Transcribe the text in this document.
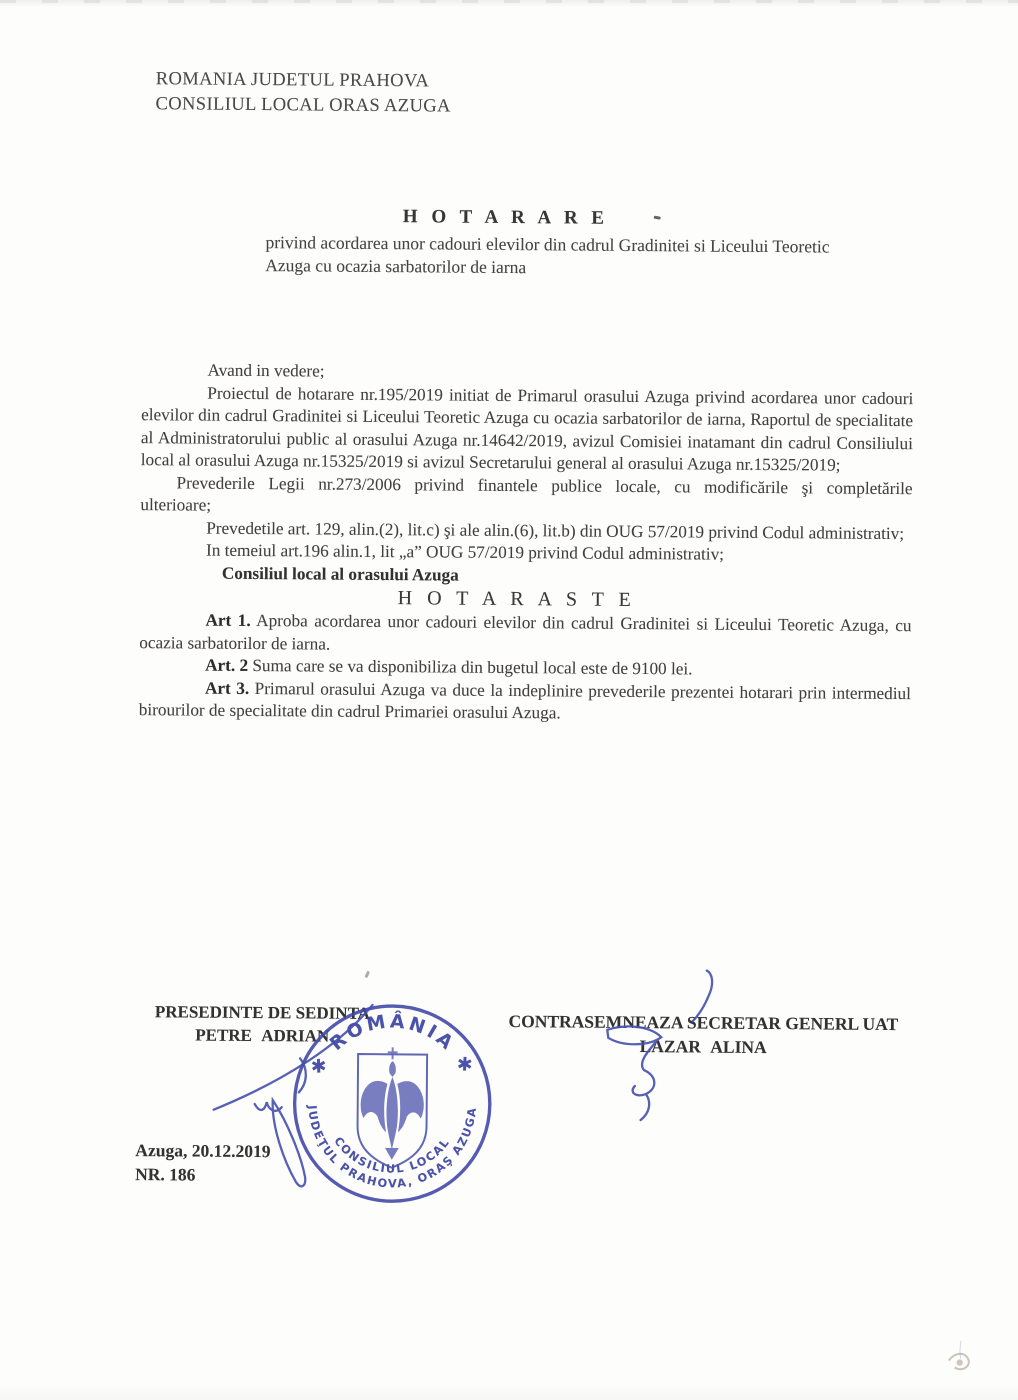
ROMANIA JUDETUL PRAHOVA
CONSILIUL LOCAL ORAS AZUGA

H O T A R A R E

privind acordarea unor cadouri elevilor din cadrul Gradinitei si Liceului Teoretic Azuga cu ocazia sarbatorilor de iarna

Avand in vedere;

Proiectul de hotarare nr.195/2019 initiat de Primarul orasului Azuga privind acordarea unor cadouri elevilor din cadrul Gradinitei si Liceului Teoretic Azuga cu ocazia sarbatorilor de iarna, Raportul de specialitate al Administratorului public al orasului Azuga nr.14642/2019, avizul Comisiei inatamant din cadrul Consiliului local al orasului Azuga nr.15325/2019 si avizul Secretarului general al orasului Azuga nr.15325/2019;

Prevederile Legii nr.273/2006 privind finantele publice locale, cu modificările şi completările ulterioare;

Prevedetile art. 129, alin.(2), lit.c) şi ale alin.(6), lit.b) din OUG 57/2019 privind Codul administrativ;

In temeiul art.196 alin.1, lit „a” OUG 57/2019 privind Codul administrativ;

Consiliul local al orasului Azuga

H O T A R A S T E

Art 1. Aproba acordarea unor cadouri elevilor din cadrul Gradinitei si Liceului Teoretic Azuga, cu ocazia sarbatorilor de iarna.

Art. 2 Suma care se va disponibiliza din bugetul local este de 9100 lei.

Art 3. Primarul orasului Azuga va duce la indeplinire prevederile prezentei hotarari prin intermediul birourilor de specialitate din cadrul Primariei orasului Azuga.

PRESEDINTE DE SEDINTA
PETRE ADRIAN
CONTRASEMNEAZA SECRETAR GENERL UAT
LAZAR ALINA
Azuga, 20.12.2019
NR. 186
✱ ROMÂNIA ✱
JUDEŢUL PRAHOVA, ORAŞ AZUGA
CONSILIUL LOCAL
